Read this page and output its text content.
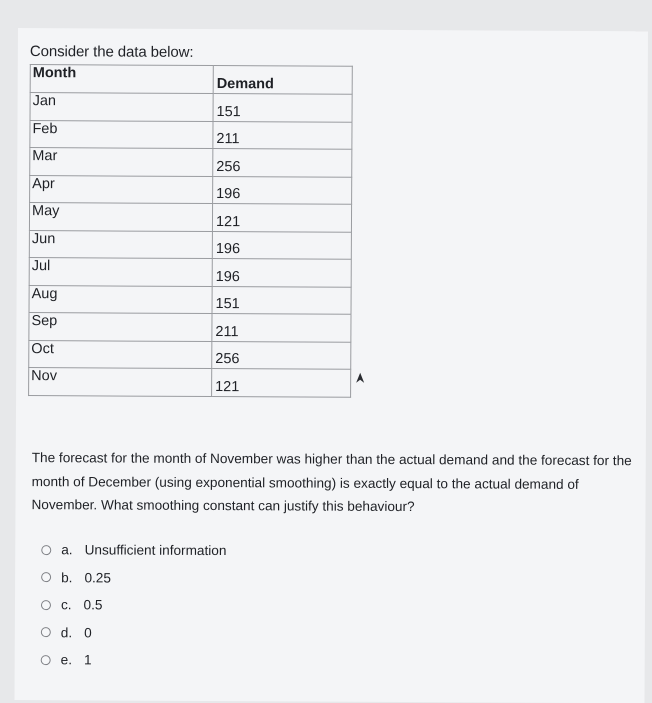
Consider the data below:
Month	Demand
Jan	151
Feb	211
Mar	256
Apr	196
May	121
Jun	196
Jul	196
Aug	151
Sep	211
Oct	256
Nov	121
The forecast for the month of November was higher than the actual demand and the forecast for the month of December (using exponential smoothing) is exactly equal to the actual demand of November. What smoothing constant can justify this behaviour?
a. Unsufficient information
b. 0.25
c. 0.5
d. 0
e. 1
